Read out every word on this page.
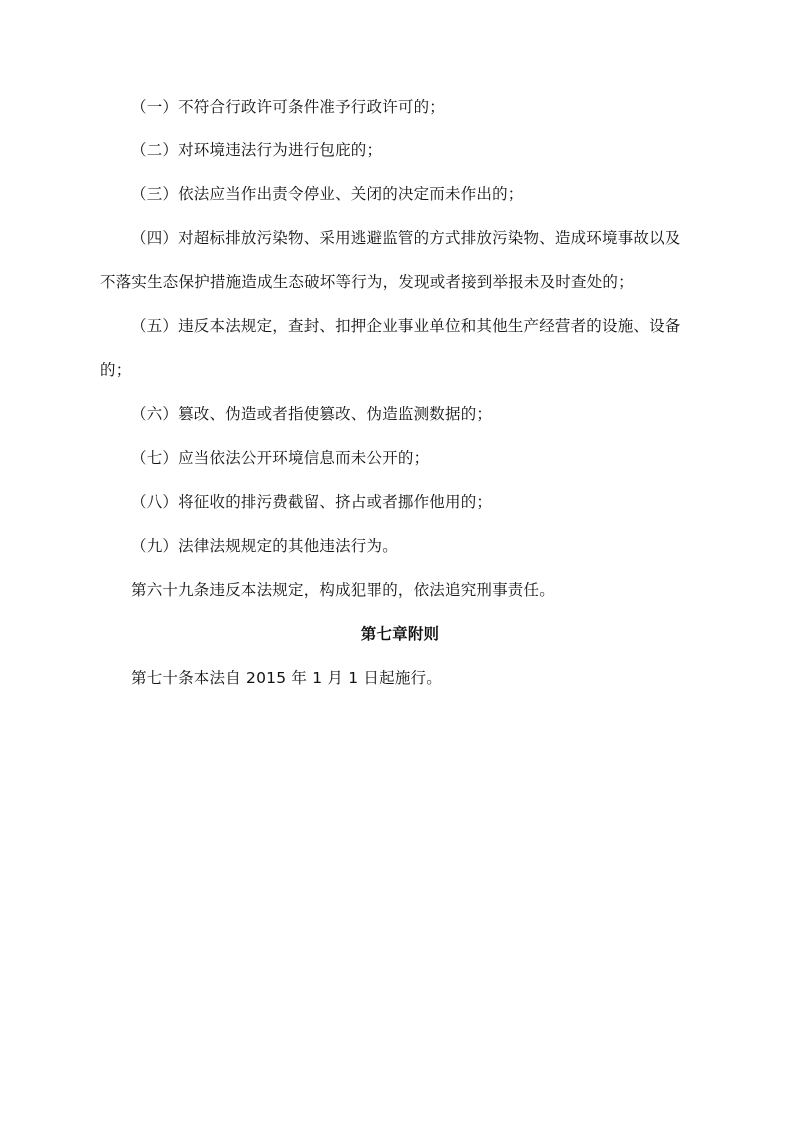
（一）不符合行政许可条件准予行政许可的；
（二）对环境违法行为进行包庇的；
（三）依法应当作出责令停业、关闭的决定而未作出的；
（四）对超标排放污染物、采用逃避监管的方式排放污染物、造成环境事故以及
不落实生态保护措施造成生态破坏等行为，发现或者接到举报未及时查处的；
（五）违反本法规定，查封、扣押企业事业单位和其他生产经营者的设施、设备
的；
（六）篡改、伪造或者指使篡改、伪造监测数据的；
（七）应当依法公开环境信息而未公开的；
（八）将征收的排污费截留、挤占或者挪作他用的；
（九）法律法规规定的其他违法行为。
第六十九条违反本法规定，构成犯罪的，依法追究刑事责任。
第七章附则
第七十条本法自 2015 年 1 月 1 日起施行。
